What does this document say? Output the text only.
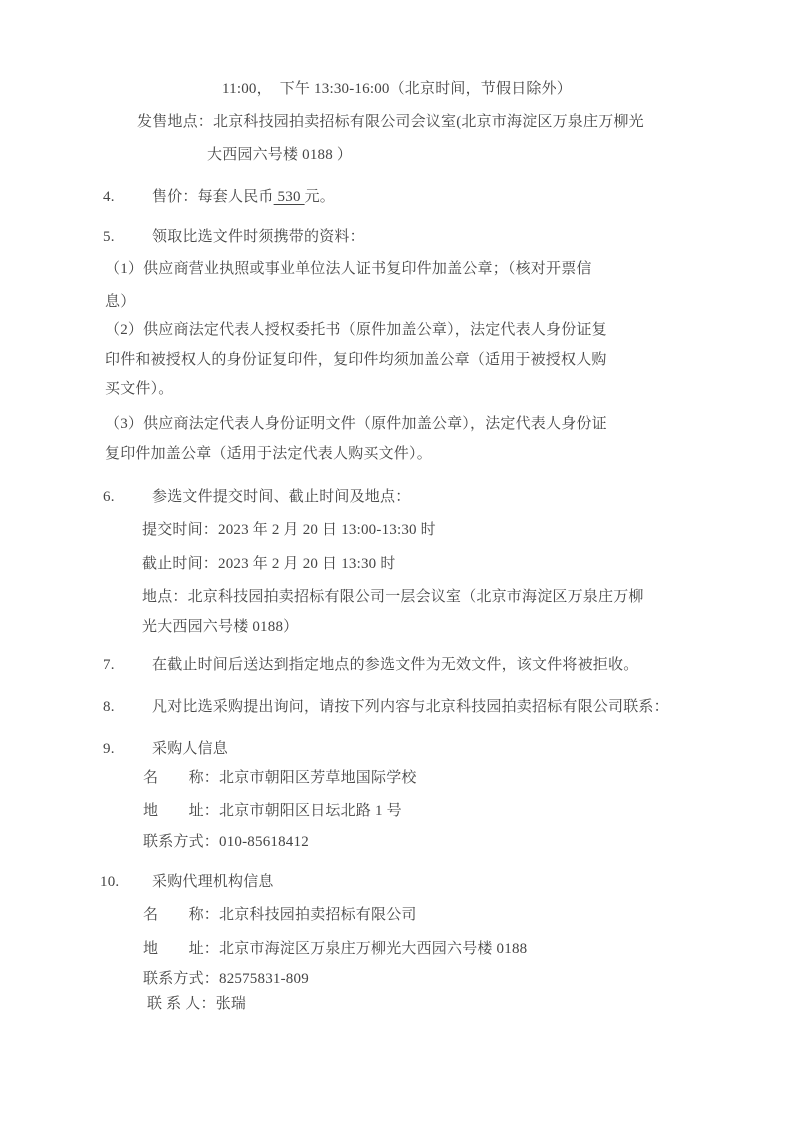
11:00，  下午 13:30-16:00（北京时间，节假日除外）
发售地点：北京科技园拍卖招标有限公司会议室(北京市海淀区万泉庄万柳光
大西园六号楼 0188 ）
4. 售价：每套人民币 530 元。
5. 领取比选文件时须携带的资料：
（1）供应商营业执照或事业单位法人证书复印件加盖公章；（核对开票信
息）
（2）供应商法定代表人授权委托书（原件加盖公章），法定代表人身份证复
印件和被授权人的身份证复印件，复印件均须加盖公章（适用于被授权人购
买文件）。
（3）供应商法定代表人身份证明文件（原件加盖公章），法定代表人身份证
复印件加盖公章（适用于法定代表人购买文件）。
6. 参选文件提交时间、截止时间及地点：
提交时间：2023 年 2 月 20 日 13:00-13:30 时
截止时间：2023 年 2 月 20 日 13:30 时
地点：北京科技园拍卖招标有限公司一层会议室（北京市海淀区万泉庄万柳
光大西园六号楼 0188）
7. 在截止时间后送达到指定地点的参选文件为无效文件，该文件将被拒收。
8. 凡对比选采购提出询问，请按下列内容与北京科技园拍卖招标有限公司联系：
9. 采购人信息
名　　称：北京市朝阳区芳草地国际学校
地　　址：北京市朝阳区日坛北路 1 号
联系方式：010-85618412
10. 采购代理机构信息
名　　称：北京科技园拍卖招标有限公司
地　　址：北京市海淀区万泉庄万柳光大西园六号楼 0188
联系方式：82575831-809
联 系 人：张瑞
